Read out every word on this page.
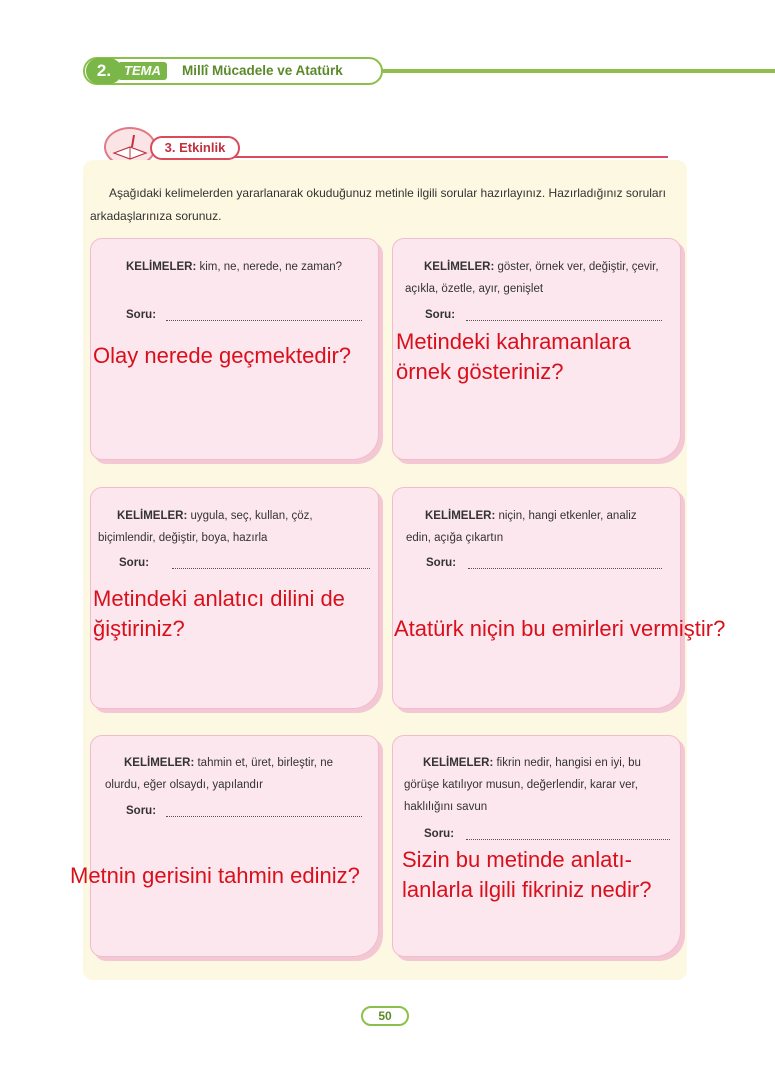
2. TEMA	Millî Mücadele ve Atatürk
3. Etkinlik
Aşağıdaki kelimelerden yararlanarak okuduğunuz metinle ilgili sorular hazırlayınız. Hazırladığınız soruları arkadaşlarınıza sorunuz.
KELİMELER: kim, ne, nerede, ne zaman?
Soru:
Olay nerede geçmektedir?
KELİMELER: göster, örnek ver, değiştir, çevir, açıkla, özetle, ayır, genişlet
Soru:
Metindeki kahramanlara
örnek gösteriniz?
KELİMELER: uygula, seç, kullan, çöz, biçimlendir, değiştir, boya, hazırla
Soru:
Metindeki anlatıcı dilini de
ğiştiriniz?
KELİMELER: niçin, hangi etkenler, analiz edin, açığa çıkartın
Soru:
Atatürk niçin bu emirleri vermiştir?
KELİMELER: tahmin et, üret, birleştir, ne olurdu, eğer olsaydı, yapılandır
Soru:
Metnin gerisini tahmin ediniz?
KELİMELER: fikrin nedir, hangisi en iyi, bu görüşe katılıyor musun, değerlendir, karar ver, haklılığını savun
Soru:
Sizin bu metinde anlatı-
lanlarla ilgili fikriniz nedir?
50
